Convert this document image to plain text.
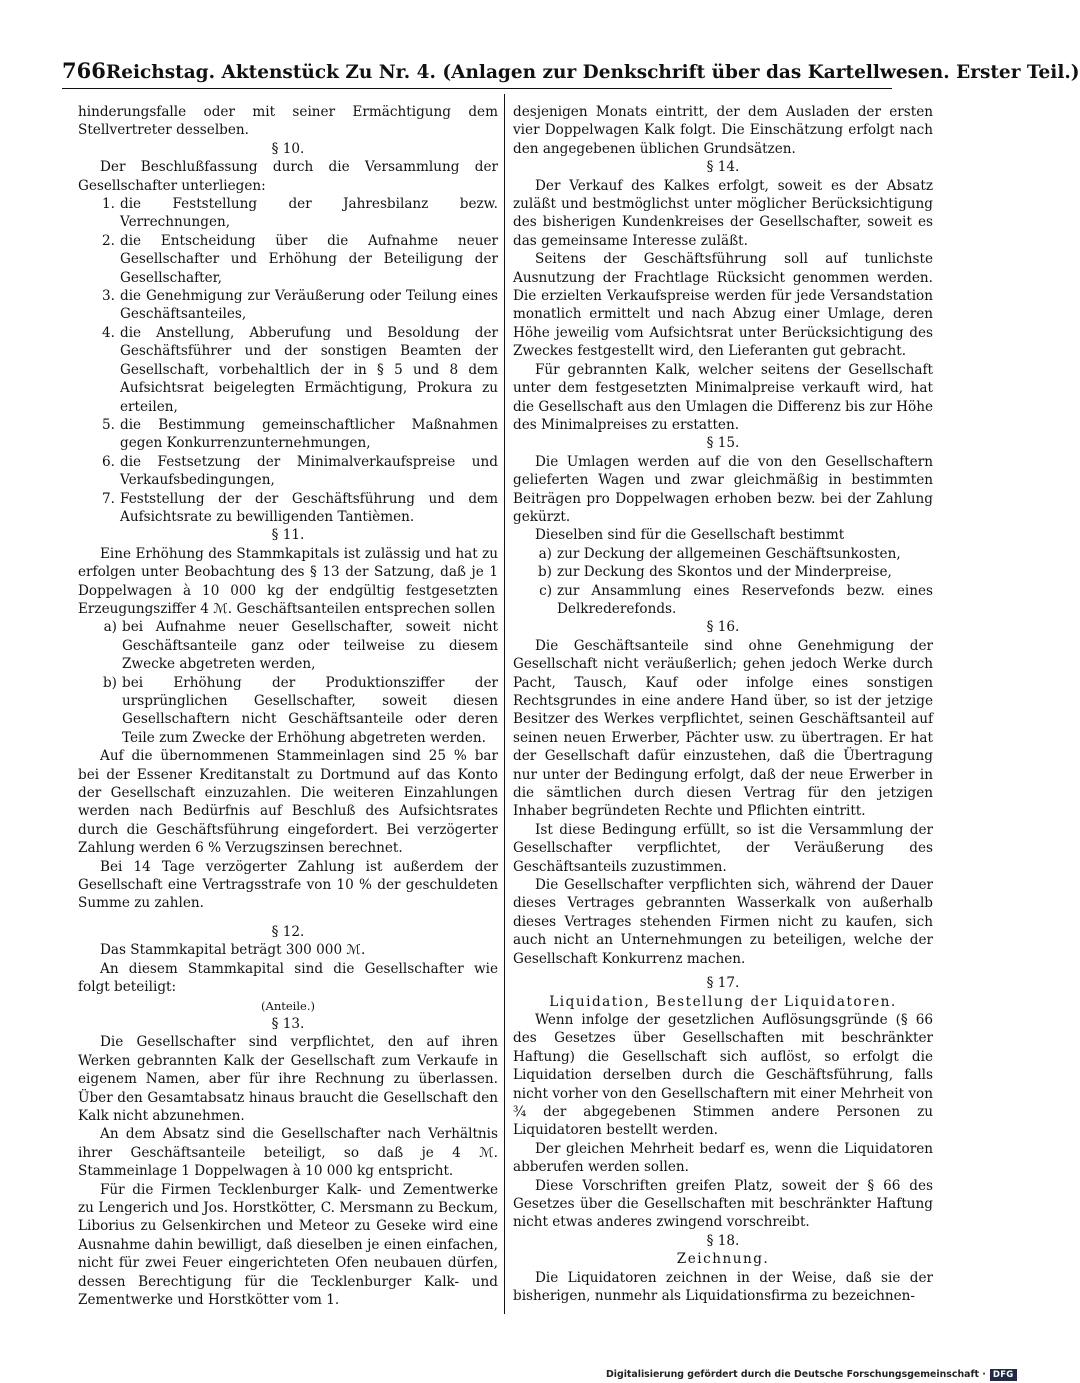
766 Reichstag. Aktenstück Zu Nr. 4. (Anlagen zur Denkschrift über das Kartellwesen. Erster Teil.)

hinderungsfalle oder mit seiner Ermächtigung dem Stellvertreter desselben.

§ 10.

Der Beschlußfassung durch die Versammlung der Gesellschafter unterliegen:

1. die Feststellung der Jahresbilanz bezw. Verrechnungen,
2. die Entscheidung über die Aufnahme neuer Gesellschafter und Erhöhung der Beteiligung der Gesellschafter,
3. die Genehmigung zur Veräußerung oder Teilung eines Geschäftsanteiles,
4. die Anstellung, Abberufung und Besoldung der Geschäftsführer und der sonstigen Beamten der Gesellschaft, vorbehaltlich der in § 5 und 8 dem Aufsichtsrat beigelegten Ermächtigung, Prokura zu erteilen,
5. die Bestimmung gemeinschaftlicher Maßnahmen gegen Konkurrenzunternehmungen,
6. die Festsetzung der Minimalverkaufspreise und Verkaufsbedingungen,
7. Feststellung der der Geschäftsführung und dem Aufsichtsrate zu bewilligenden Tantièmen.

§ 11.

Eine Erhöhung des Stammkapitals ist zulässig und hat zu erfolgen unter Beobachtung des § 13 der Satzung, daß je 1 Doppelwagen à 10 000 kg der endgültig festgesetzten Erzeugungsziffer 4 ℳ. Geschäftsanteilen entsprechen sollen

a) bei Aufnahme neuer Gesellschafter, soweit nicht Geschäftsanteile ganz oder teilweise zu diesem Zwecke abgetreten werden,
b) bei Erhöhung der Produktionsziffer der ursprünglichen Gesellschafter, soweit diesen Gesellschaftern nicht Geschäftsanteile oder deren Teile zum Zwecke der Erhöhung abgetreten werden.

Auf die übernommenen Stammeinlagen sind 25 % bar bei der Essener Kreditanstalt zu Dortmund auf das Konto der Gesellschaft einzuzahlen. Die weiteren Einzahlungen werden nach Bedürfnis auf Beschluß des Aufsichtsrates durch die Geschäftsführung eingefordert. Bei verzögerter Zahlung werden 6 % Verzugszinsen berechnet.

Bei 14 Tage verzögerter Zahlung ist außerdem der Gesellschaft eine Vertragsstrafe von 10 % der geschuldeten Summe zu zahlen.

§ 12.

Das Stammkapital beträgt 300 000 ℳ.

An diesem Stammkapital sind die Gesellschafter wie folgt beteiligt:

(Anteile.)

§ 13.

Die Gesellschafter sind verpflichtet, den auf ihren Werken gebrannten Kalk der Gesellschaft zum Verkaufe in eigenem Namen, aber für ihre Rechnung zu überlassen. Über den Gesamtabsatz hinaus braucht die Gesellschaft den Kalk nicht abzunehmen.

An dem Absatz sind die Gesellschafter nach Verhältnis ihrer Geschäftsanteile beteiligt, so daß je 4 ℳ. Stammeinlage 1 Doppelwagen à 10 000 kg entspricht.

Für die Firmen Tecklenburger Kalk- und Zementwerke zu Lengerich und Jos. Horstkötter, C. Mersmann zu Beckum, Liborius zu Gelsenkirchen und Meteor zu Geseke wird eine Ausnahme dahin bewilligt, daß dieselben je einen einfachen, nicht für zwei Feuer eingerichteten Ofen neubauen dürfen, dessen Berechtigung für die Tecklenburger Kalk- und Zementwerke und Horstkötter vom 1.

desjenigen Monats eintritt, der dem Ausladen der ersten vier Doppelwagen Kalk folgt. Die Einschätzung erfolgt nach den angegebenen üblichen Grundsätzen.

§ 14.

Der Verkauf des Kalkes erfolgt, soweit es der Absatz zuläßt und bestmöglichst unter möglicher Berücksichtigung des bisherigen Kundenkreises der Gesellschafter, soweit es das gemeinsame Interesse zuläßt.

Seitens der Geschäftsführung soll auf tunlichste Ausnutzung der Frachtlage Rücksicht genommen werden. Die erzielten Verkaufspreise werden für jede Versandstation monatlich ermittelt und nach Abzug einer Umlage, deren Höhe jeweilig vom Aufsichtsrat unter Berücksichtigung des Zweckes festgestellt wird, den Lieferanten gut gebracht.

Für gebrannten Kalk, welcher seitens der Gesellschaft unter dem festgesetzten Minimalpreise verkauft wird, hat die Gesellschaft aus den Umlagen die Differenz bis zur Höhe des Minimalpreises zu erstatten.

§ 15.

Die Umlagen werden auf die von den Gesellschaftern gelieferten Wagen und zwar gleichmäßig in bestimmten Beiträgen pro Doppelwagen erhoben bezw. bei der Zahlung gekürzt.

Dieselben sind für die Gesellschaft bestimmt

a) zur Deckung der allgemeinen Geschäftsunkosten,
b) zur Deckung des Skontos und der Minderpreise,
c) zur Ansammlung eines Reservefonds bezw. eines Delkrederefonds.

§ 16.

Die Geschäftsanteile sind ohne Genehmigung der Gesellschaft nicht veräußerlich; gehen jedoch Werke durch Pacht, Tausch, Kauf oder infolge eines sonstigen Rechtsgrundes in eine andere Hand über, so ist der jetzige Besitzer des Werkes verpflichtet, seinen Geschäftsanteil auf seinen neuen Erwerber, Pächter usw. zu übertragen. Er hat der Gesellschaft dafür einzustehen, daß die Übertragung nur unter der Bedingung erfolgt, daß der neue Erwerber in die sämtlichen durch diesen Vertrag für den jetzigen Inhaber begründeten Rechte und Pflichten eintritt.

Ist diese Bedingung erfüllt, so ist die Versammlung der Gesellschafter verpflichtet, der Veräußerung des Geschäftsanteils zuzustimmen.

Die Gesellschafter verpflichten sich, während der Dauer dieses Vertrages gebrannten Wasserkalk von außerhalb dieses Vertrages stehenden Firmen nicht zu kaufen, sich auch nicht an Unternehmungen zu beteiligen, welche der Gesellschaft Konkurrenz machen.

§ 17.

Liquidation, Bestellung der Liquidatoren.

Wenn infolge der gesetzlichen Auflösungsgründe (§ 66 des Gesetzes über Gesellschaften mit beschränkter Haftung) die Gesellschaft sich auflöst, so erfolgt die Liquidation derselben durch die Geschäftsführung, falls nicht vorher von den Gesellschaftern mit einer Mehrheit von ¾ der abgegebenen Stimmen andere Personen zu Liquidatoren bestellt werden.

Der gleichen Mehrheit bedarf es, wenn die Liquidatoren abberufen werden sollen.

Diese Vorschriften greifen Platz, soweit der § 66 des Gesetzes über die Gesellschaften mit beschränkter Haftung nicht etwas anderes zwingend vorschreibt.

§ 18.

Zeichnung.

Die Liquidatoren zeichnen in der Weise, daß sie der bisherigen, nunmehr als Liquidationsfirma zu bezeichnen-

Digitalisierung gefördert durch die Deutsche Forschungsgemeinschaft · DFG
